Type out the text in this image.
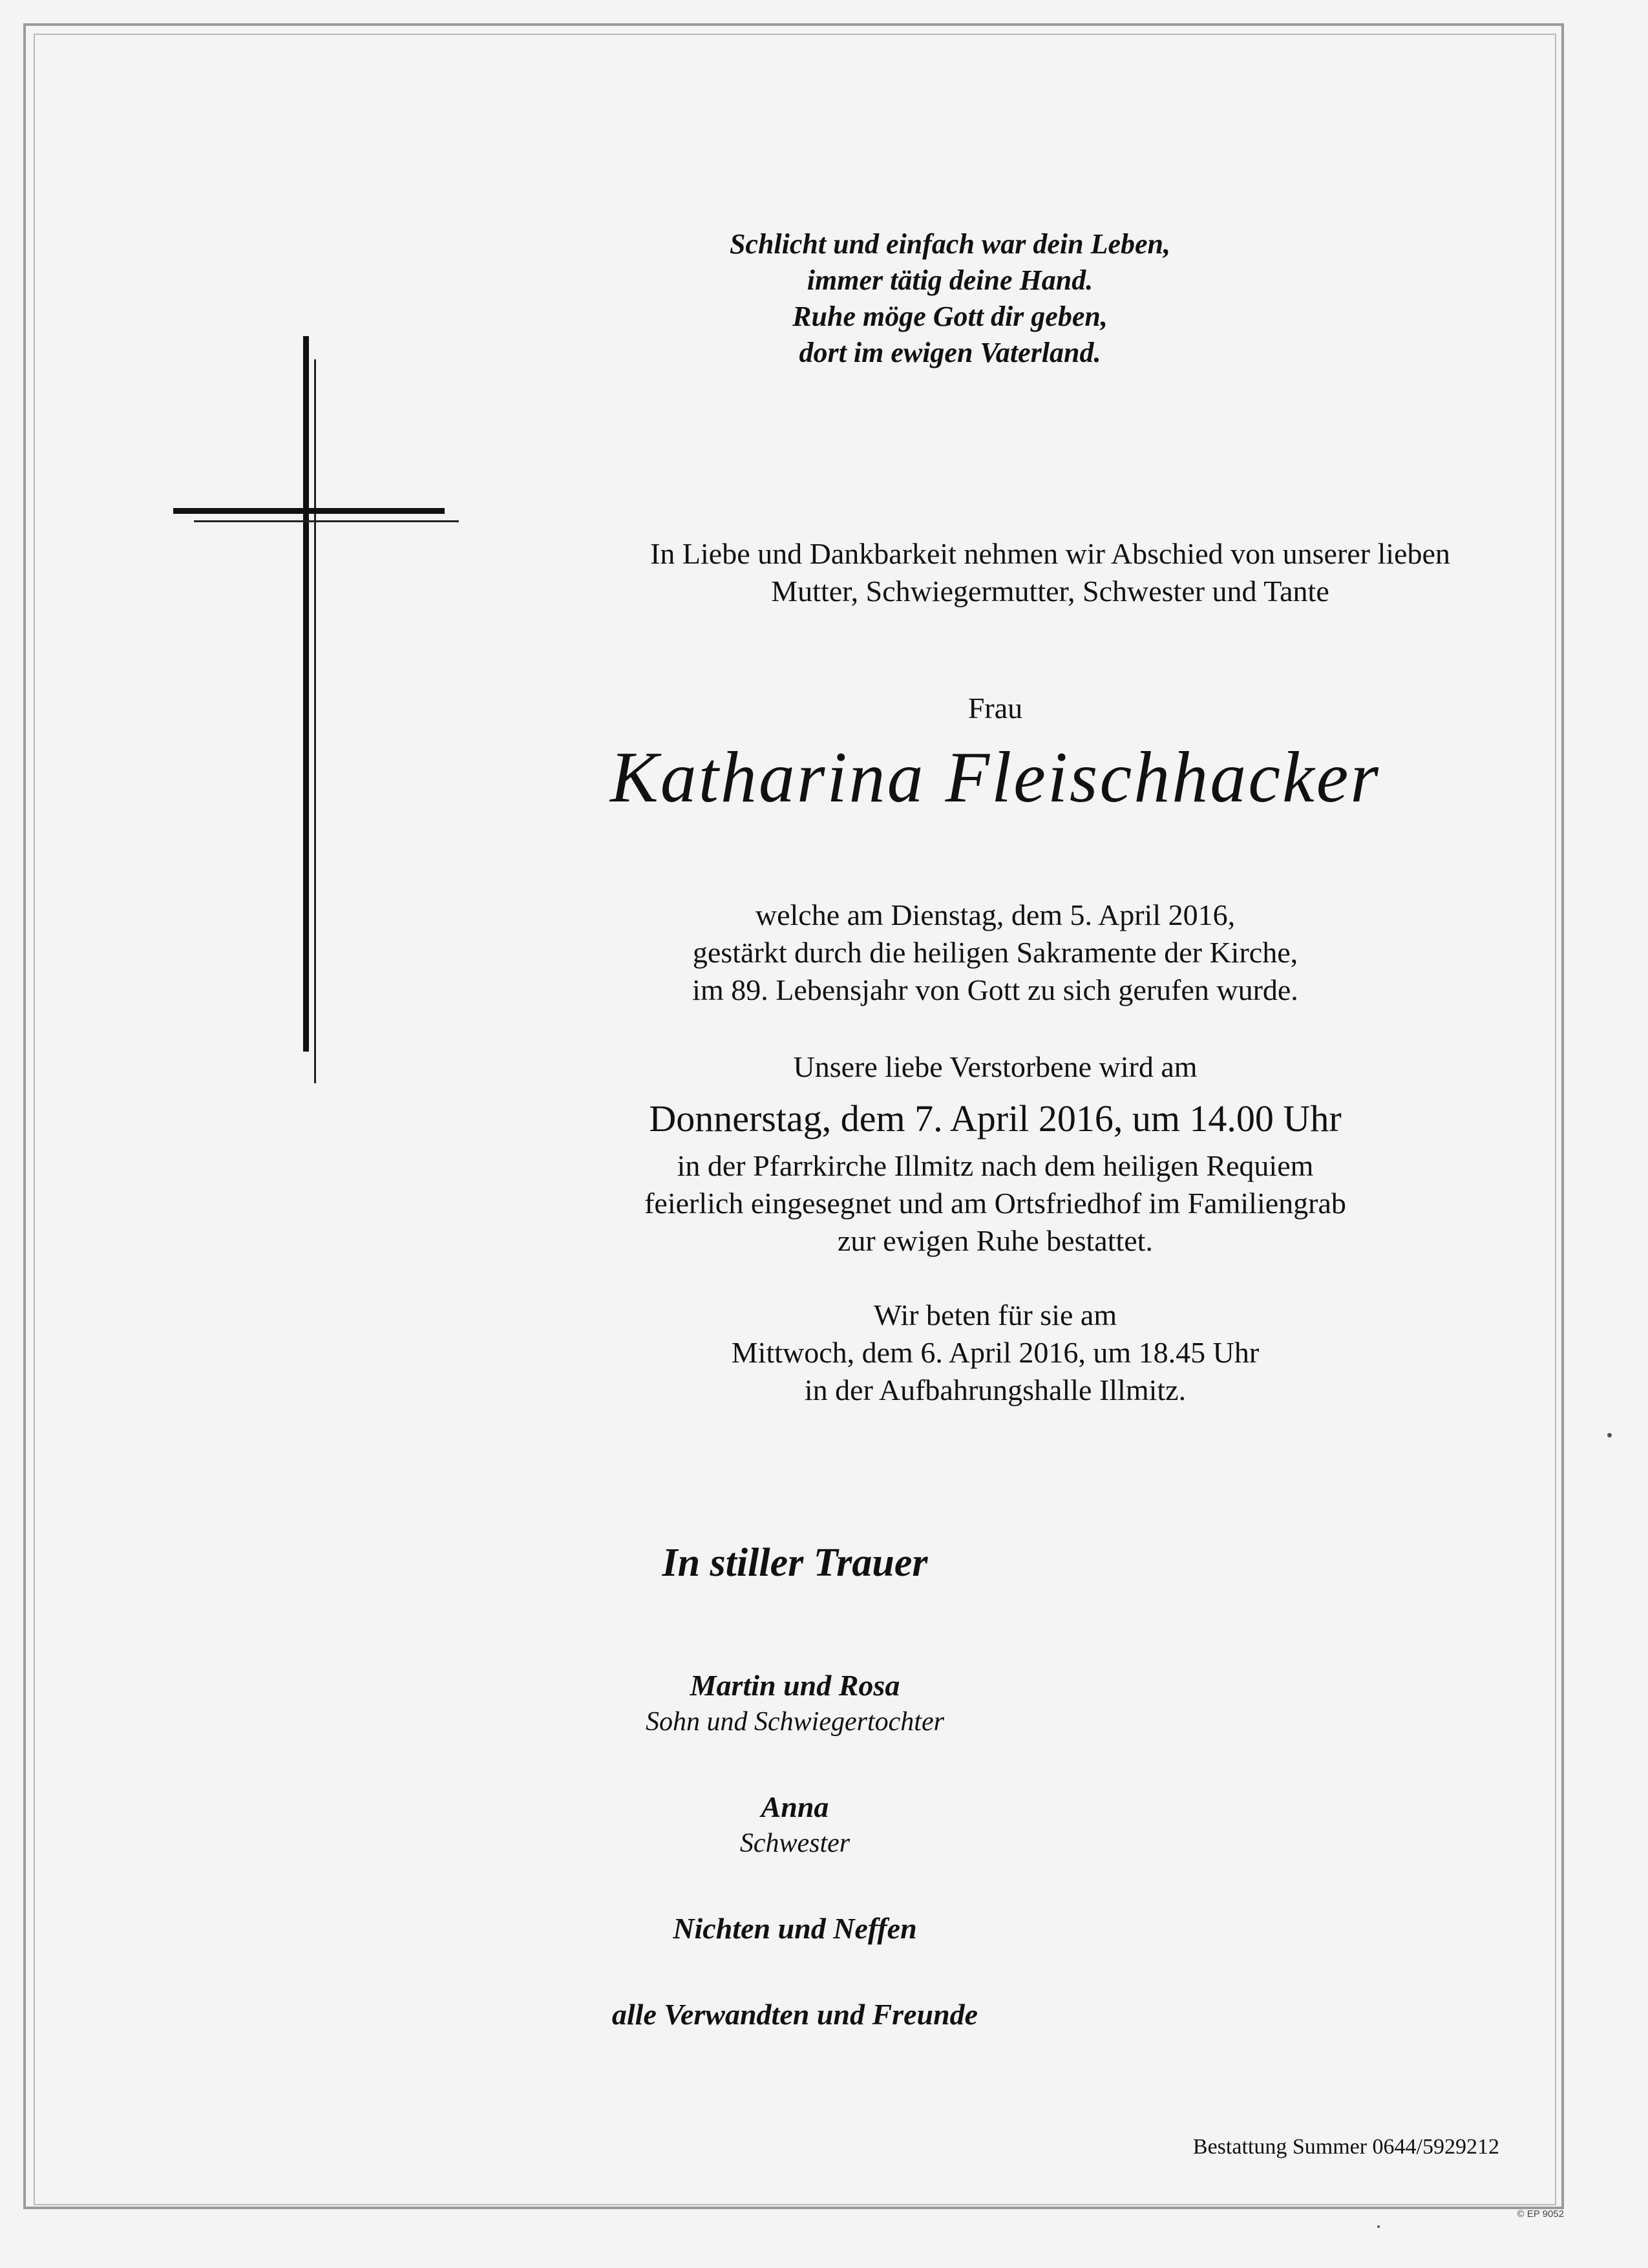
Schlicht und einfach war dein Leben,
immer tätig deine Hand.
Ruhe möge Gott dir geben,
dort im ewigen Vaterland.
In Liebe und Dankbarkeit nehmen wir Abschied von unserer lieben
Mutter, Schwiegermutter, Schwester und Tante
Frau
Katharina Fleischhacker
welche am Dienstag, dem 5. April 2016,
gestärkt durch die heiligen Sakramente der Kirche,
im 89. Lebensjahr von Gott zu sich gerufen wurde.
Unsere liebe Verstorbene wird am
Donnerstag, dem 7. April 2016, um 14.00 Uhr
in der Pfarrkirche Illmitz nach dem heiligen Requiem
feierlich eingesegnet und am Ortsfriedhof im Familiengrab
zur ewigen Ruhe bestattet.
Wir beten für sie am
Mittwoch, dem 6. April 2016, um 18.45 Uhr
in der Aufbahrungshalle Illmitz.
In stiller Trauer
Martin und Rosa
Sohn und Schwiegertochter
Anna
Schwester
Nichten und Neffen
alle Verwandten und Freunde
Bestattung Summer 0644/5929212
© EP 9052
